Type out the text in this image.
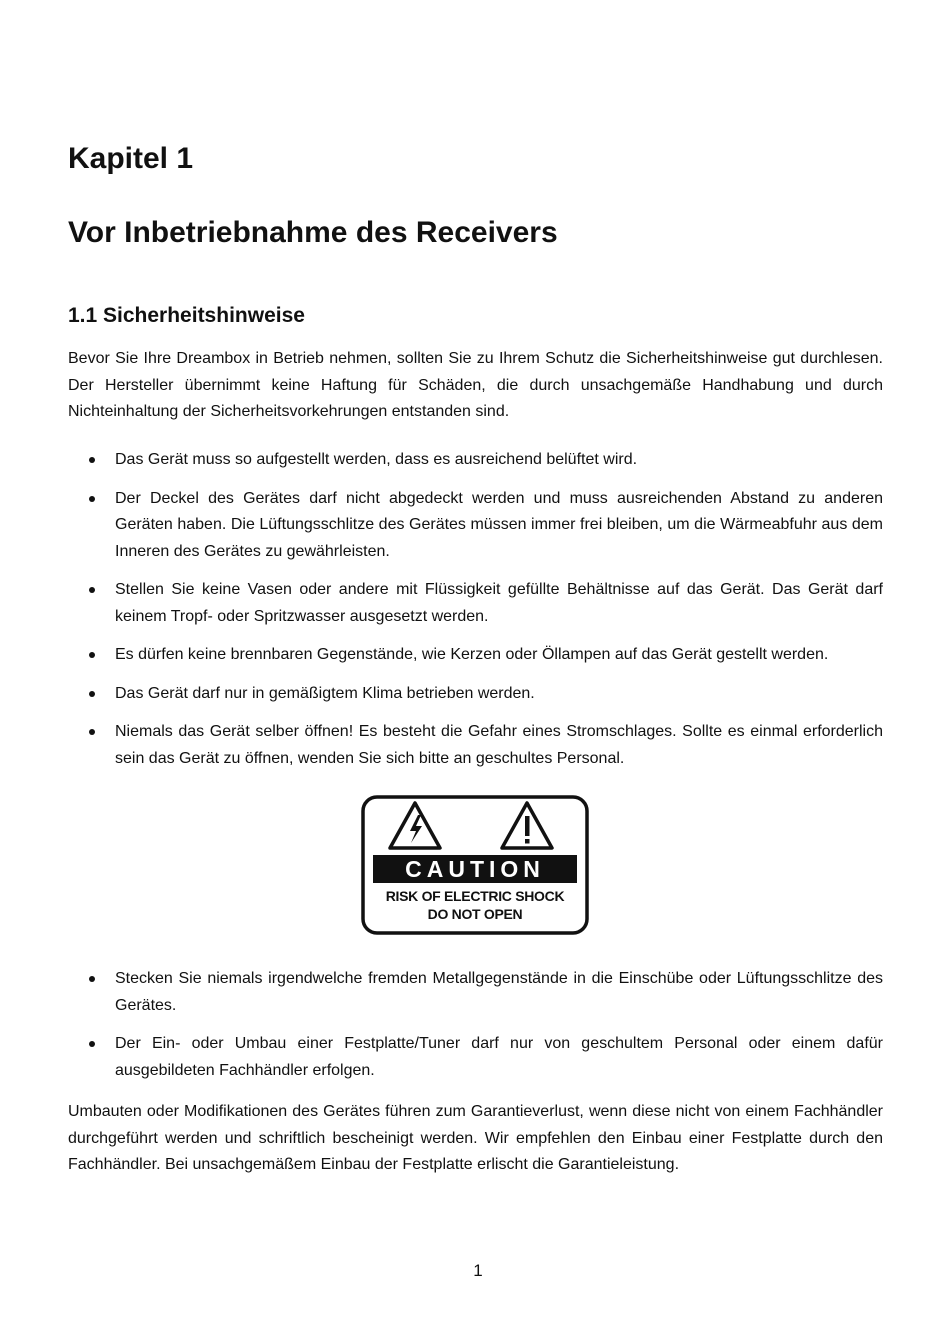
Kapitel 1
Vor Inbetriebnahme des Receivers
1.1 Sicherheitshinweise

Bevor Sie Ihre Dreambox in Betrieb nehmen, sollten Sie zu Ihrem Schutz die Sicherheitshinweise gut durchlesen. Der Hersteller übernimmt keine Haftung für Schäden, die durch unsachgemäße Handhabung und durch Nichteinhaltung der Sicherheitsvorkehrungen entstanden sind.

Das Gerät muss so aufgestellt werden, dass es ausreichend belüftet wird.
Der Deckel des Gerätes darf nicht abgedeckt werden und muss ausreichenden Abstand zu anderen Geräten haben. Die Lüftungsschlitze des Gerätes müssen immer frei bleiben, um die Wärmeabfuhr aus dem Inneren des Gerätes zu gewährleisten.
Stellen Sie keine Vasen oder andere mit Flüssigkeit gefüllte Behältnisse auf das Gerät. Das Gerät darf keinem Tropf- oder Spritzwasser ausgesetzt werden.
Es dürfen keine brennbaren Gegenstände, wie Kerzen oder Öllampen auf das Gerät gestellt werden.
Das Gerät darf nur in gemäßigtem Klima betrieben werden.
Niemals das Gerät selber öffnen! Es besteht die Gefahr eines Stromschlages. Sollte es einmal erforderlich sein das Gerät zu öffnen, wenden Sie sich bitte an geschultes Personal.
CAUTION
RISK OF ELECTRIC SHOCK
DO NOT OPEN
Stecken Sie niemals irgendwelche fremden Metallgegenstände in die Einschübe oder Lüftungsschlitze des Gerätes.
Der Ein- oder Umbau einer Festplatte/Tuner darf nur von geschultem Personal oder einem dafür ausgebildeten Fachhändler erfolgen.

Umbauten oder Modifikationen des Gerätes führen zum Garantieverlust, wenn diese nicht von einem Fachhändler durchgeführt werden und schriftlich bescheinigt werden. Wir empfehlen den Einbau einer Festplatte durch den Fachhändler. Bei unsachgemäßem Einbau der Festplatte erlischt die Garantieleistung.

1
